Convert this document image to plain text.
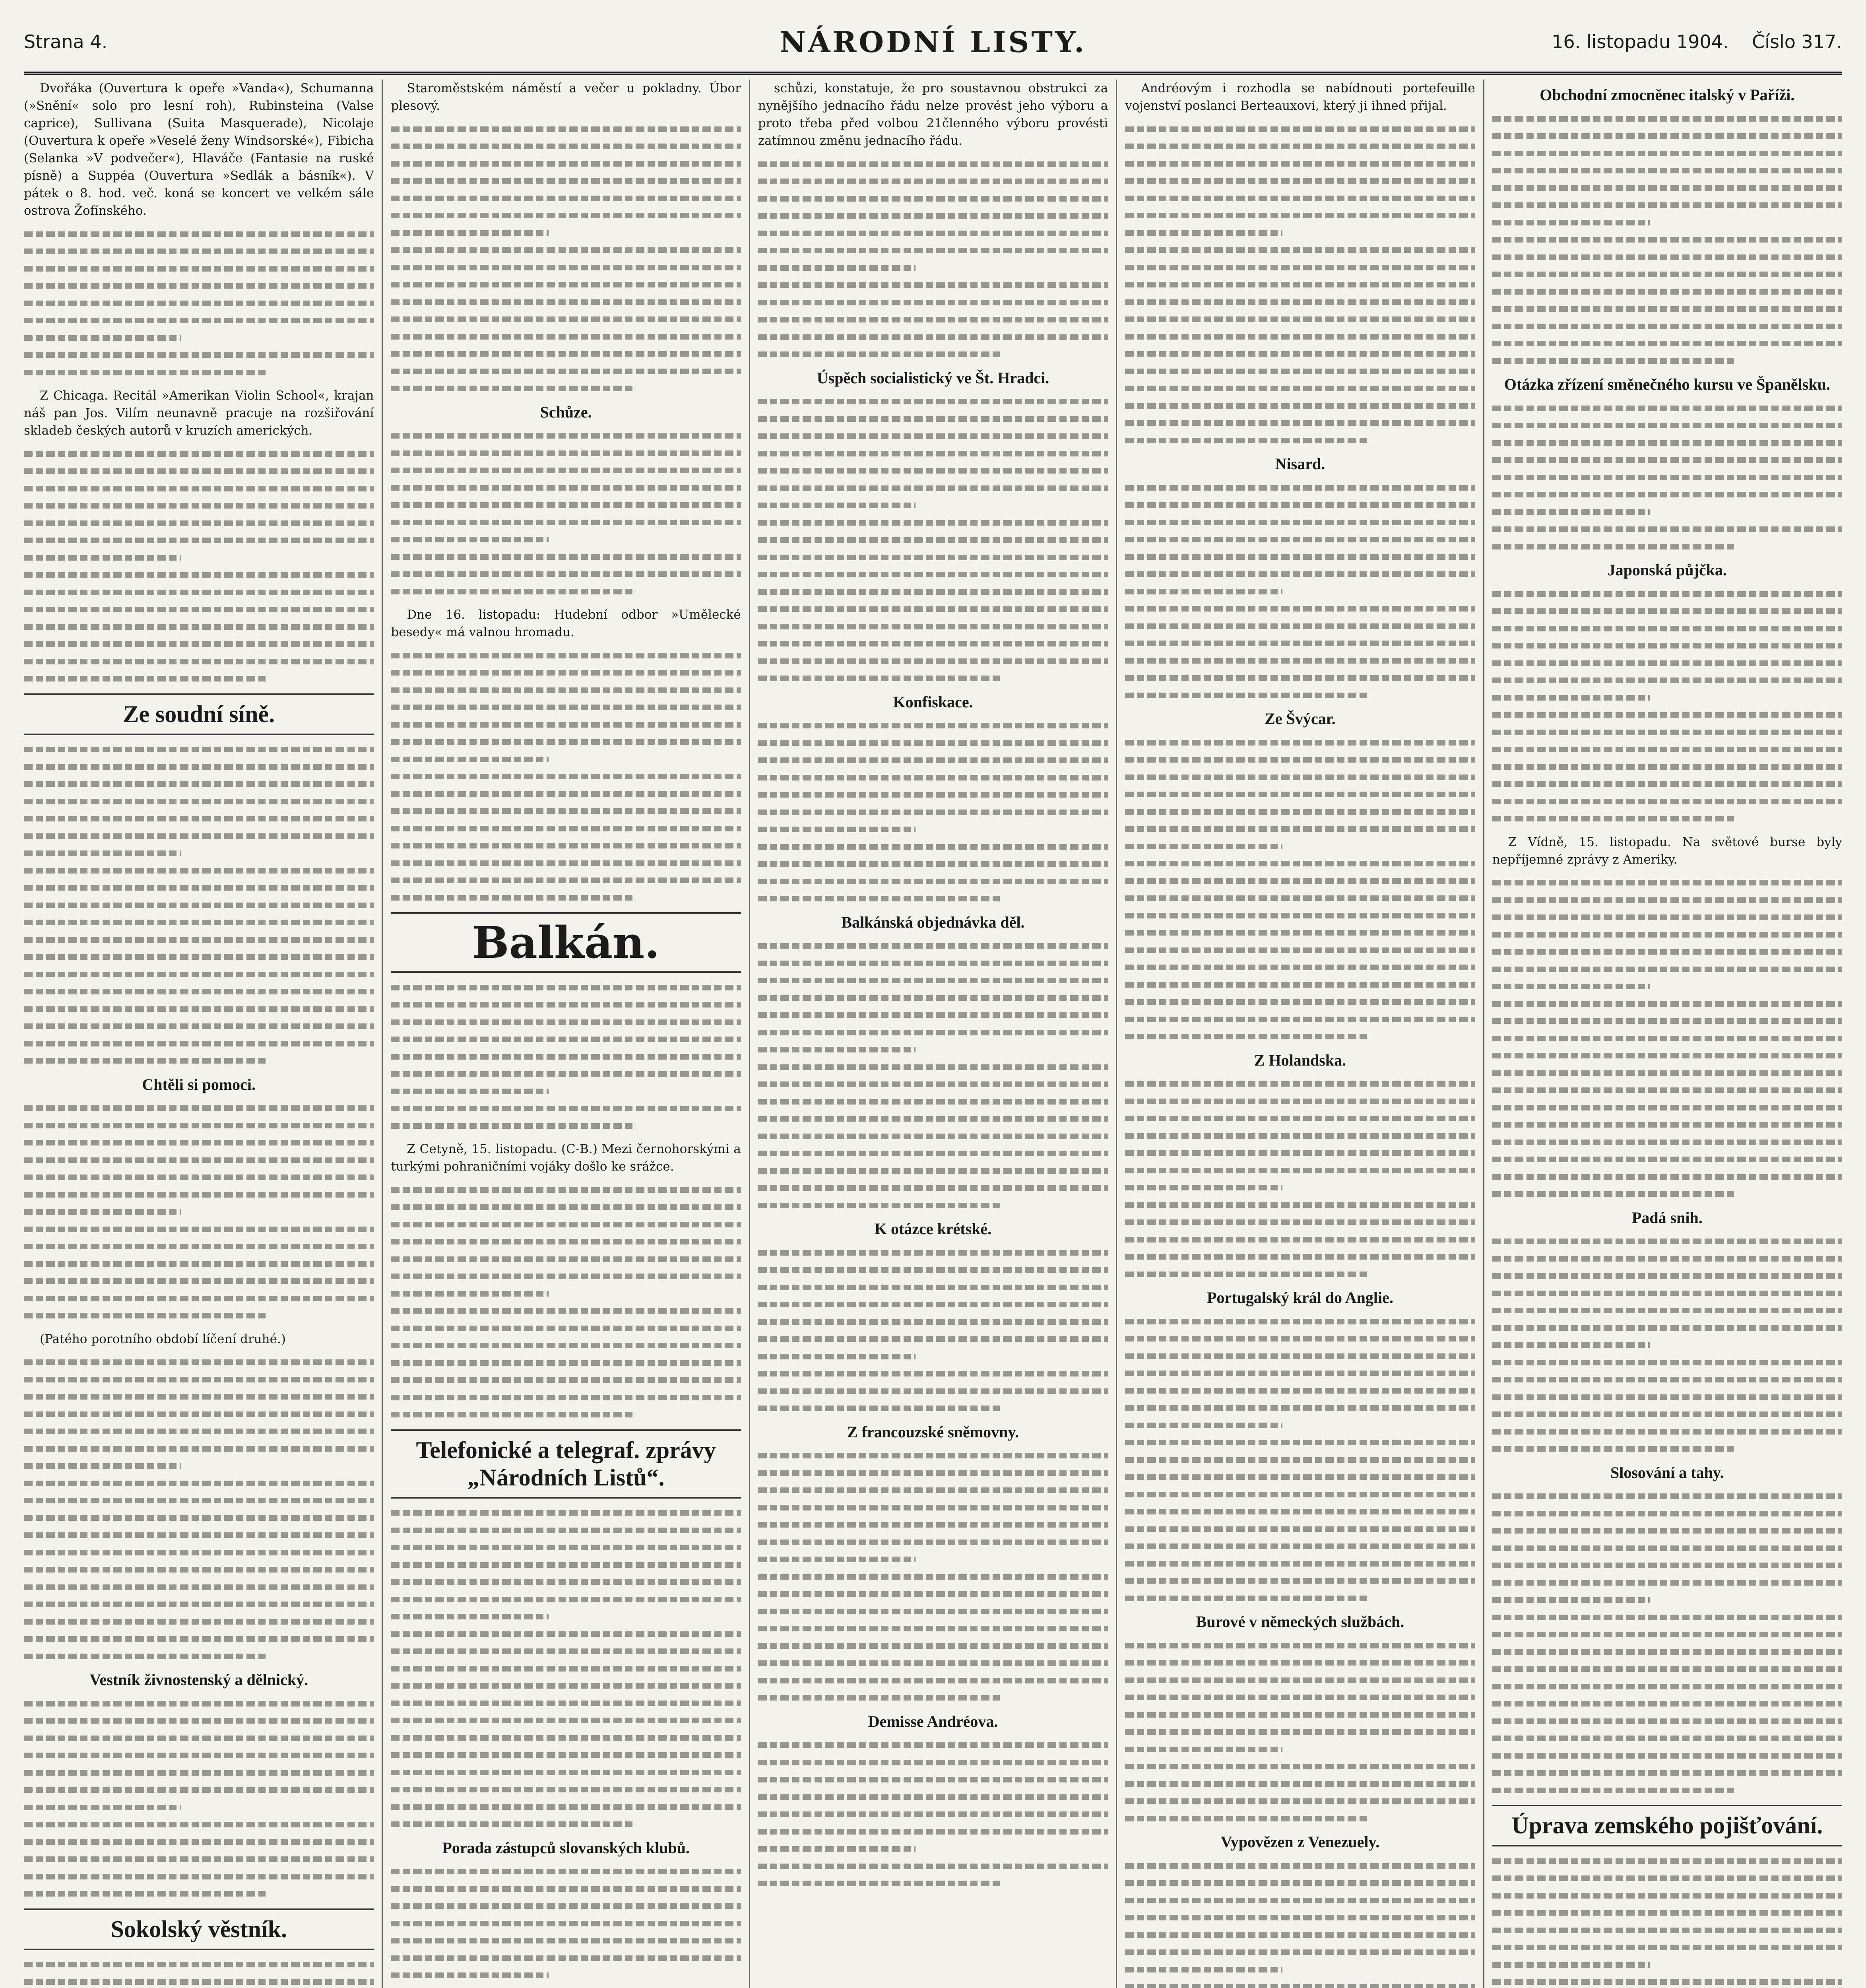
Strana 4.	NÁRODNÍ LISTY.	16. listopadu 1904. Číslo 317.

Dvořáka (Ouvertura k opeře »Vanda«), Schumanna (»Snění« solo pro lesní roh), Rubinsteina (Valse caprice), Sullivana (Suita Masquerade), Nicolaje (Ouvertura k opeře »Veselé ženy Windsorské«), Fibicha (Selanka »V podvečer«), Hlaváče (Fantasie na ruské písně) a Suppéa (Ouvertura »Sedlák a básník«). V pátek o 8. hod. več. koná se koncert ve velkém sále ostrova Žofínského.

Z Chicaga. Recitál »Amerikan Violin School«, krajan náš pan Jos. Vilím neunavně pracuje na rozšiřování skladeb českých autorů v kruzích amerických.

Ze soudní síně.
Chtěli si pomoci.

(Patého porotního období líčení druhé.)

Vestník živnostenský a dělnický.
Sokolský věstník.

Staroměstském náměstí a večer u pokladny. Úbor plesový.

Schůze.

Dne 16. listopadu: Hudební odbor »Umělecké besedy« má valnou hromadu.

Balkán.

Z Cetyně, 15. listopadu. (C-B.) Mezi černohorskými a turkými pohraničními vojáky došlo ke srážce.

Telefonické a telegraf. zprávy „Národních Listů“.
Porada zástupců slovanských klubů.

schůzi, konstatuje, že pro soustavnou obstrukci za nynějšího jednacího řádu nelze provést jeho výboru a proto třeba před volbou 21členného výboru provésti zatímnou změnu jednacího řádu.

Úspěch socialistický ve Št. Hradci.
Konfiskace.
Balkánská objednávka děl.
K otázce krétské.
Z francouzské sněmovny.
Demisse Andréova.

Andréovým i rozhodla se nabídnouti portefeuille vojenství poslanci Berteauxovi, který ji ihned přijal.

Nisard.
Ze Švýcar.
Z Holandska.
Portugalský král do Anglie.
Burové v německých službách.
Vypovězen z Venezuely.
Obchodní zmocněnec italský v Paříži.
Otázka zřízení směnečného kursu ve Španělsku.
Japonská půjčka.

Z Vídně, 15. listopadu. Na světové burse byly nepříjemné zprávy z Ameriky.

Padá snih.
Slosování a tahy.
Úprava zemského pojišťování.
